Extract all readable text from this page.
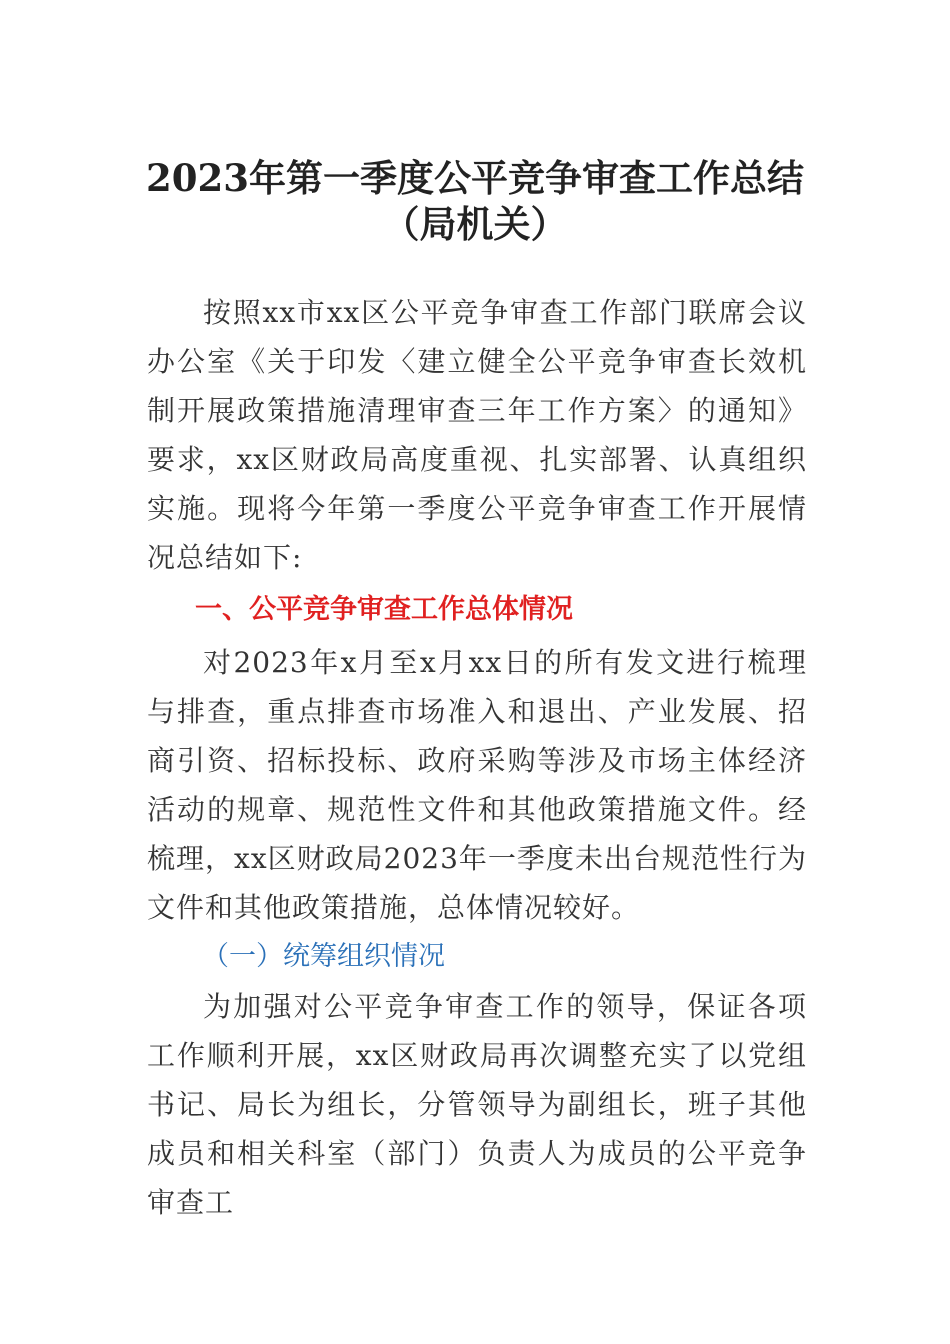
2023年第一季度公平竞争审查工作总结
（局机关）

按照xx市xx区公平竞争审查工作部门联席会议办公室《关于印发〈建立健全公平竞争审查长效机制开展政策措施清理审查三年工作方案〉的通知》要求，xx区财政局高度重视、扎实部署、认真组织实施。现将今年第一季度公平竞争审查工作开展情况总结如下:

一、公平竞争审查工作总体情况

对2023年x月至x月xx日的所有发文进行梳理与排查，重点排查市场准入和退出、产业发展、招商引资、招标投标、政府采购等涉及市场主体经济活动的规章、规范性文件和其他政策措施文件。经梳理，xx区财政局2023年一季度未出台规范性行为文件和其他政策措施，总体情况较好。

（一）统筹组织情况

为加强对公平竞争审查工作的领导，保证各项工作顺利开展，xx区财政局再次调整充实了以党组书记、局长为组长，分管领导为副组长，班子其他成员和相关科室（部门）负责人为成员的公平竞争审查工
